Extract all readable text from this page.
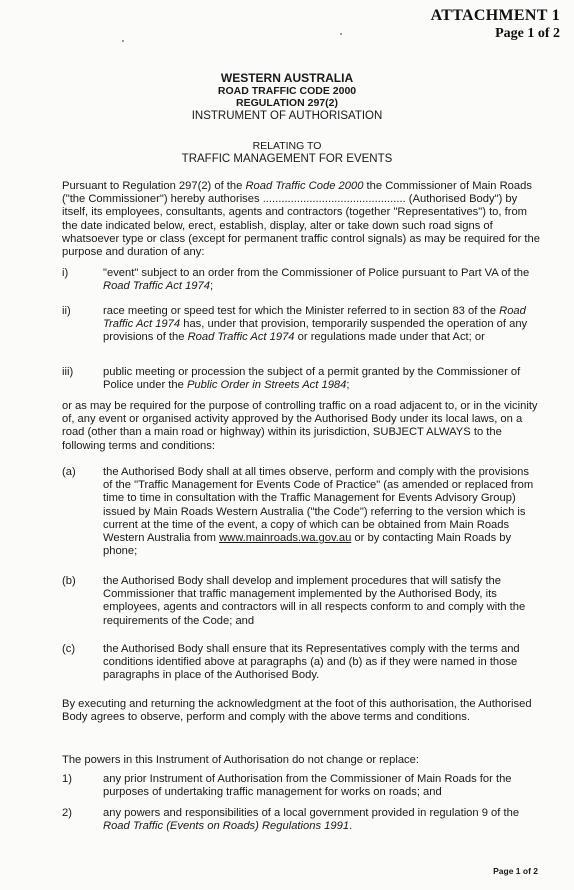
ATTACHMENT 1
Page 1 of 2
WESTERN AUSTRALIA
ROAD TRAFFIC CODE 2000
REGULATION 297(2)
INSTRUMENT OF AUTHORISATION
RELATING TO
TRAFFIC MANAGEMENT FOR EVENTS
Pursuant to Regulation 297(2) of the Road Traffic Code 2000 the Commissioner of Main Roads ("the Commissioner") hereby authorises .............................................. (Authorised Body") by itself, its employees, consultants, agents and contractors (together "Representatives") to, from the date indicated below, erect, establish, display, alter or take down such road signs of whatsoever type or class (except for permanent traffic control signals) as may be required for the purpose and duration of any:
i)	"event" subject to an order from the Commissioner of Police pursuant to Part VA of the Road Traffic Act 1974;
ii)	race meeting or speed test for which the Minister referred to in section 83 of the Road Traffic Act 1974 has, under that provision, temporarily suspended the operation of any provisions of the Road Traffic Act 1974 or regulations made under that Act; or
iii)	public meeting or procession the subject of a permit granted by the Commissioner of Police under the Public Order in Streets Act 1984;
or as may be required for the purpose of controlling traffic on a road adjacent to, or in the vicinity of, any event or organised activity approved by the Authorised Body under its local laws, on a road (other than a main road or highway) within its jurisdiction, SUBJECT ALWAYS to the following terms and conditions:
(a) the Authorised Body shall at all times observe, perform and comply with the provisions of the "Traffic Management for Events Code of Practice" (as amended or replaced from time to time in consultation with the Traffic Management for Events Advisory Group) issued by Main Roads Western Australia ("the Code") referring to the version which is current at the time of the event, a copy of which can be obtained from Main Roads Western Australia from www.mainroads.wa.gov.au or by contacting Main Roads by phone;
(b) the Authorised Body shall develop and implement procedures that will satisfy the Commissioner that traffic management implemented by the Authorised Body, its employees, agents and contractors will in all respects conform to and comply with the requirements of the Code; and
(c) the Authorised Body shall ensure that its Representatives comply with the terms and conditions identified above at paragraphs (a) and (b) as if they were named in those paragraphs in place of the Authorised Body.
By executing and returning the acknowledgment at the foot of this authorisation, the Authorised Body agrees to observe, perform and comply with the above terms and conditions.
The powers in this Instrument of Authorisation do not change or replace:
1)	any prior Instrument of Authorisation from the Commissioner of Main Roads for the purposes of undertaking traffic management for works on roads; and
2)	any powers and responsibilities of a local government provided in regulation 9 of the Road Traffic (Events on Roads) Regulations 1991.
Page 1 of 2
